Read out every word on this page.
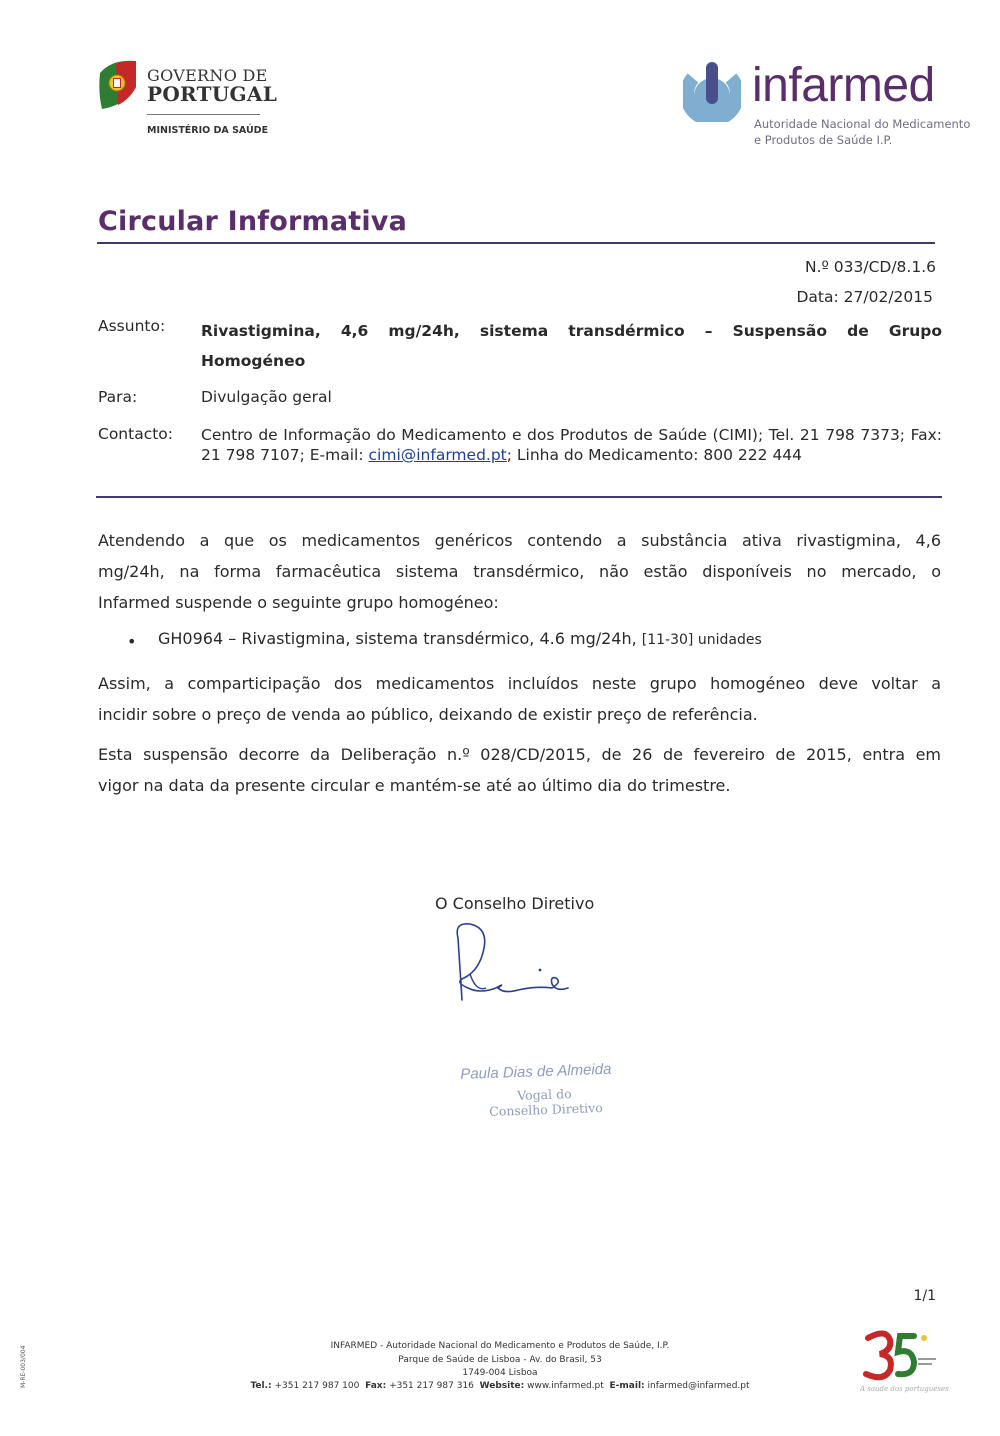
GOVERNO DE
PORTUGAL
MINISTÉRIO DA SAÚDE
infarmed
Autoridade Nacional do Medicamento
e Produtos de Saúde I.P.
Circular Informativa
N.º 033/CD/8.1.6
Data: 27/02/2015
Assunto: Rivastigmina, 4,6 mg/24h, sistema transdérmico – Suspensão de Grupo
Homogéneo
Para:	Divulgação geral
Contacto: Centro de Informação do Medicamento e dos Produtos de Saúde (CIMI); Tel. 21 798 7373; Fax: 21 798 7107; E-mail: cimi@infarmed.pt; Linha do Medicamento: 800 222 444
Atendendo a que os medicamentos genéricos contendo a substância ativa rivastigmina, 4,6
mg/24h, na forma farmacêutica sistema transdérmico, não estão disponíveis no mercado, o
Infarmed suspende o seguinte grupo homogéneo:
• GH0964 – Rivastigmina, sistema transdérmico, 4.6 mg/24h, [11-30] unidades
Assim, a comparticipação dos medicamentos incluídos neste grupo homogéneo deve voltar a
incidir sobre o preço de venda ao público, deixando de existir preço de referência.
Esta suspensão decorre da Deliberação n.º 028/CD/2015, de 26 de fevereiro de 2015, entra em
vigor na data da presente circular e mantém-se até ao último dia do trimestre.
O Conselho Diretivo
Paula Dias de Almeida
Vogal do
Conselho Diretivo
1/1
M-RE-003/004	INFARMED - Autoridade Nacional do Medicamento e Produtos de Saúde, I.P.
Parque de Saúde de Lisboa - Av. do Brasil, 53
1749-004 Lisboa
Tel.: +351 217 987 100 Fax: +351 217 987 316 Website: www.infarmed.pt E-mail: infarmed@infarmed.pt	A saúde dos portugueses
